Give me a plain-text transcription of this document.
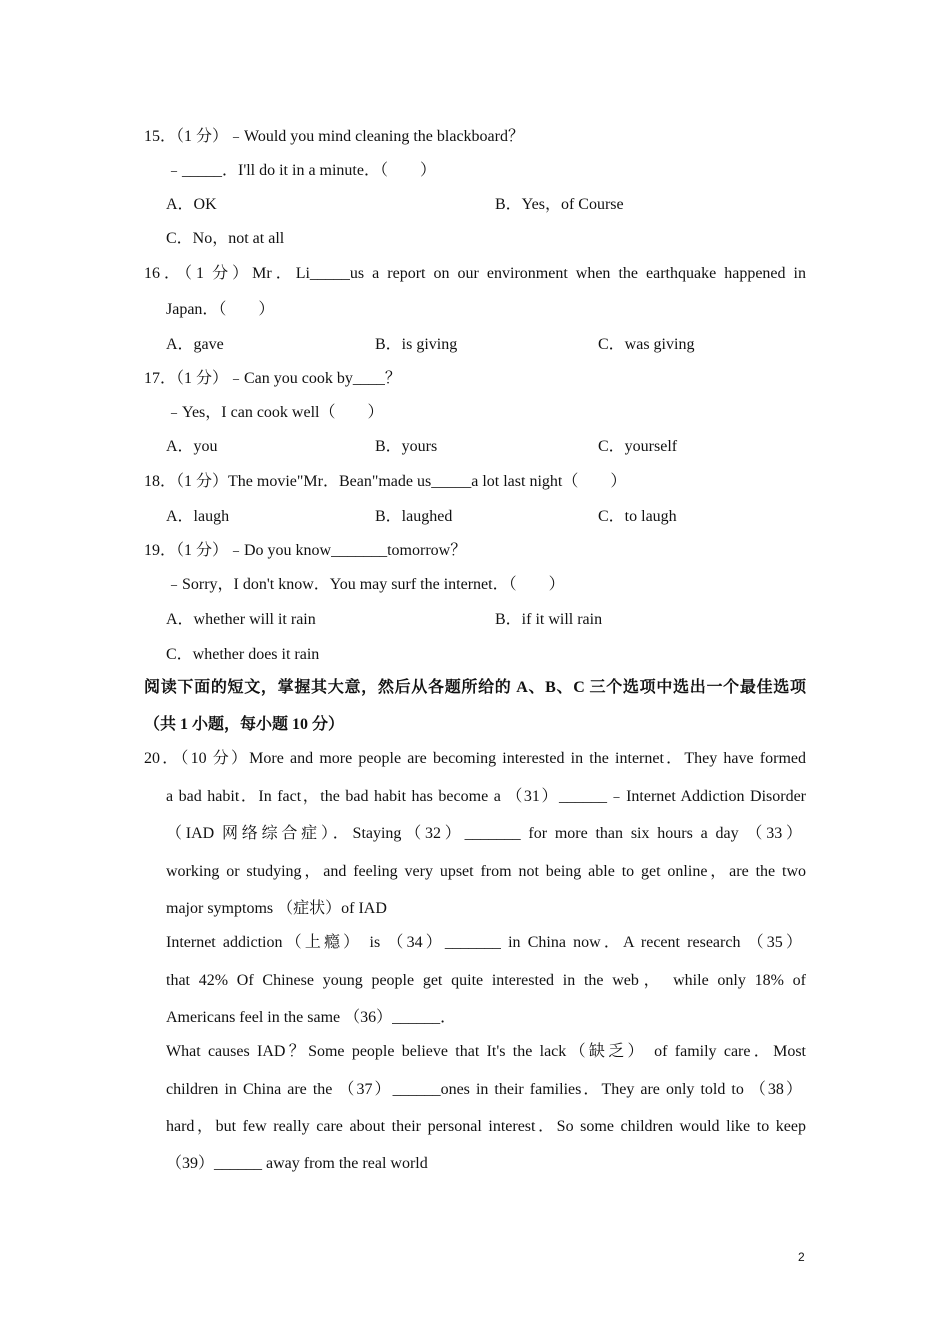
15．（1 分）﹣Would you mind cleaning the blackboard？
﹣_____．I'll do it in a minute．（　　）
A．OK	B．Yes，of Course
C．No，not at all
16．（1 分）Mr．Li_____us a report on our environment when the earthquake happened in
Japan．（　　）
A．gave	B．is giving	C．was giving
17．（1 分）﹣Can you cook by____？
﹣Yes，I can cook well（　　）
A．you	B．yours	C．yourself
18．（1 分）The movie"Mr．Bean"made us_____a lot last night（　　）
A．laugh	B．laughed	C．to laugh
19．（1 分）﹣Do you know_______tomorrow？
﹣Sorry，I don't know．You may surf the internet．（　　）
A．whether will it rain	B．if it will rain
C．whether does it rain
阅读下面的短文，掌握其大意，然后从各题所给的 A、B、C 三个选项中选出一个最佳选项
（共 1 小题，每小题 10 分）
20．（10 分）More and more people are becoming interested in the internet．They have formed
a bad habit．In fact，the bad habit has become a （31）______﹣Internet Addiction Disorder
（IAD 网络综合症）．Staying（32）_______ for more than six hours a day （33）
working or studying，and feeling very upset from not being able to get online，are the two
major symptoms （症状）of IAD
Internet addiction（上瘾） is （34）_______ in China now．A recent research （35）
that 42% Of Chinese young people get quite interested in the web， while only 18% of
Americans feel in the same （36）______．
What causes IAD？Some people believe that It's the lack（缺乏） of family care．Most
children in China are the （37）______ones in their families．They are only told to （38）
hard，but few really care about their personal interest．So some children would like to keep
（39）______ away from the real world
2
